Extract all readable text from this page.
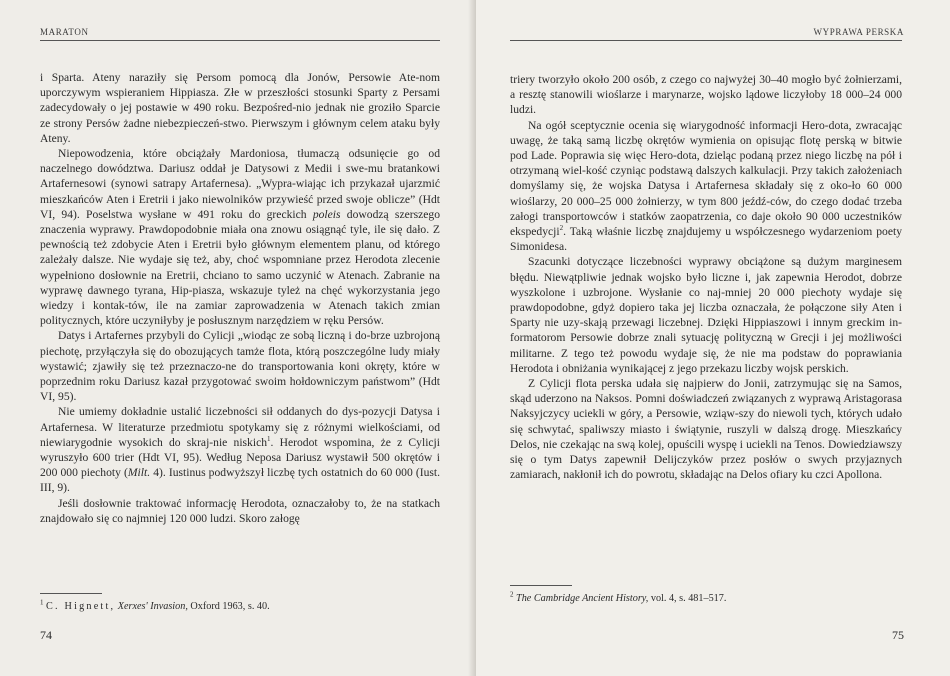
MARATON

i Sparta. Ateny naraziły się Persom pomocą dla Jonów, Persowie Ate-nom uporczywym wspieraniem Hippiasza. Złe w przeszłości stosunki Sparty z Persami zadecydowały o jej postawie w 490 roku. Bezpośred-nio jednak nie groziło Sparcie ze strony Persów żadne niebezpieczeń-stwo. Pierwszym i głównym celem ataku były Ateny.

Niepowodzenia, które obciążały Mardoniosa, tłumaczą odsunięcie go od naczelnego dowództwa. Dariusz oddał je Datysowi z Medii i swe-mu bratankowi Artafernesowi (synowi satrapy Artafernesa). „Wypra-wiając ich przykazał ujarzmić mieszkańców Aten i Eretrii i jako niewolników przywieść przed swoje oblicze” (Hdt VI, 94). Poselstwa wysłane w 491 roku do greckich poleis dowodzą szerszego znaczenia wyprawy. Prawdopodobnie miała ona znowu osiągnąć tyle, ile się dało. Z pewnością też zdobycie Aten i Eretrii było głównym elementem planu, od którego zależały dalsze. Nie wydaje się też, aby, choć wspomniane przez Herodota zlecenie wypełniono dosłownie na Eretrii, chciano to samo uczynić w Atenach. Zabranie na wyprawę dawnego tyrana, Hip-piasza, wskazuje tyleż na chęć wykorzystania jego wiedzy i kontak-tów, ile na zamiar zaprowadzenia w Atenach takich zmian politycznych, które uczyniłyby je posłusznym narzędziem w ręku Persów.

Datys i Artafernes przybyli do Cylicji „wiodąc ze sobą liczną i do-brze uzbrojoną piechotę, przyłączyła się do obozujących tamże flota, którą poszczególne ludy miały wystawić; zjawiły się też przeznaczo-ne do transportowania koni okręty, które w poprzednim roku Dariusz kazał przygotować swoim hołdowniczym państwom” (Hdt VI, 95).

Nie umiemy dokładnie ustalić liczebności sił oddanych do dys-pozycji Datysa i Artafernesa. W literaturze przedmiotu spotykamy się z różnymi wielkościami, od niewiarygodnie wysokich do skraj-nie niskich$^1$. Herodot wspomina, że z Cylicji wyruszyło 600 trier (Hdt VI, 95). Według Neposa Dariusz wystawił 500 okrętów i 200 000 piechoty (Milt. 4). Iustinus podwyższył liczbę tych ostatnich do 60 000 (Iust. III, 9).

Jeśli dosłownie traktować informację Herodota, oznaczałoby to, że na statkach znajdowało się co najmniej 120 000 ludzi. Skoro załogę

$^1$ C. Hignett, Xerxes' Invasion, Oxford 1963, s. 40.
74
WYPRAWA PERSKA

triery tworzyło około 200 osób, z czego co najwyżej 30–40 mogło być żołnierzami, a resztę stanowili wioślarze i marynarze, wojsko lądowe liczyłoby 18 000–24 000 ludzi.

Na ogół sceptycznie ocenia się wiarygodność informacji Hero-dota, zwracając uwagę, że taką samą liczbę okrętów wymienia on opisując flotę perską w bitwie pod Lade. Poprawia się więc Hero-dota, dzieląc podaną przez niego liczbę na pół i otrzymaną wiel-kość czyniąc podstawą dalszych kalkulacji. Przy takich założeniach domyślamy się, że wojska Datysa i Artafernesa składały się z oko-ło 60 000 wioślarzy, 20 000–25 000 żołnierzy, w tym 800 jeźdź-ców, do czego dodać trzeba załogi transportowców i statków zaopatrzenia, co daje około 90 000 uczestników ekspedycji$^2$. Taką właśnie liczbę znajdujemy u współczesnego wydarzeniom poety Simonidesa.

Szacunki dotyczące liczebności wyprawy obciążone są dużym marginesem błędu. Niewątpliwie jednak wojsko było liczne i, jak zapewnia Herodot, dobrze wyszkolone i uzbrojone. Wysłanie co naj-mniej 20 000 piechoty wydaje się prawdopodobne, gdyż dopiero taka jej liczba oznaczała, że połączone siły Aten i Sparty nie uzy-skają przewagi liczebnej. Dzięki Hippiaszowi i innym greckim in-formatorom Persowie dobrze znali sytuację polityczną w Grecji i jej możliwości militarne. Z tego też powodu wydaje się, że nie ma podstaw do poprawiania Herodota i obniżania wynikającej z jego przekazu liczby wojsk perskich.

Z Cylicji flota perska udała się najpierw do Jonii, zatrzymując się na Samos, skąd uderzono na Naksos. Pomni doświadczeń związanych z wyprawą Aristagorasa Naksyjczycy uciekli w góry, a Persowie, wziąw-szy do niewoli tych, których udało się schwytać, spaliwszy miasto i świątynie, ruszyli w dalszą drogę. Mieszkańcy Delos, nie czekając na swą kolej, opuścili wyspę i uciekli na Tenos. Dowiedziawszy się o tym Datys zapewnił Delijczyków przez posłów o swych przyjaznych zamiarach, nakłonił ich do powrotu, składając na Delos ofiary ku czci Apollona.

$^2$ The Cambridge Ancient History, vol. 4, s. 481–517.
75
